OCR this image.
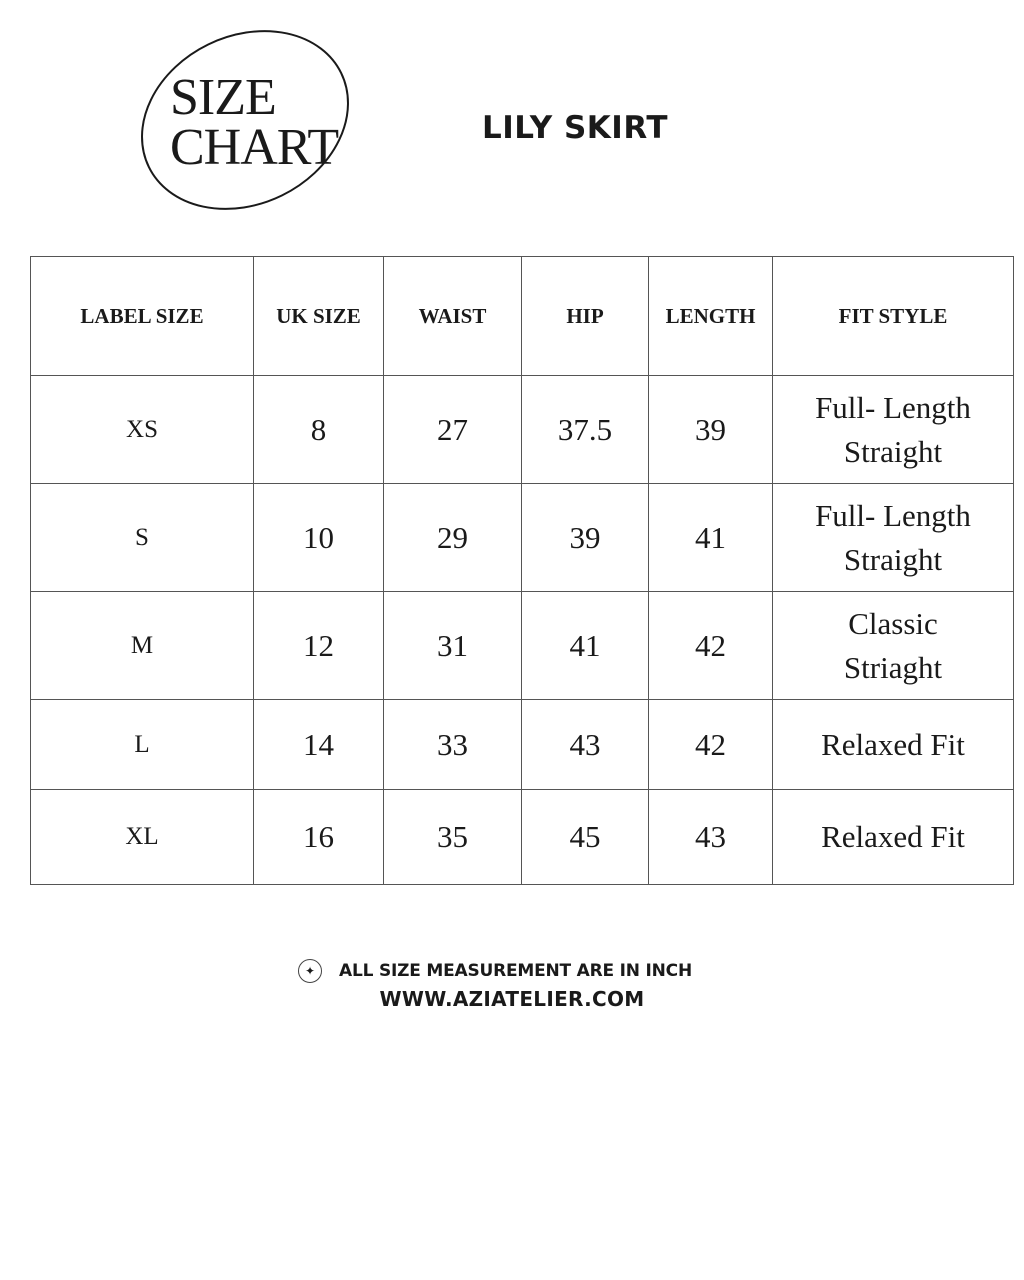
SIZE
CHART	LILY SKIRT
LABEL SIZE	UK SIZE	WAIST	HIP	LENGTH	FIT STYLE
XS	8	27	37.5	39	Full- Length
Straight

S	10	29	39	41	Full- Length
Straight

M	12	31	41	42	Classic
Striaght

L	14	33	43	42	Relaxed Fit

XL	16	35	45	43	Relaxed Fit
✦	ALL SIZE MEASUREMENT ARE IN INCH
WWW.AZIATELIER.COM
